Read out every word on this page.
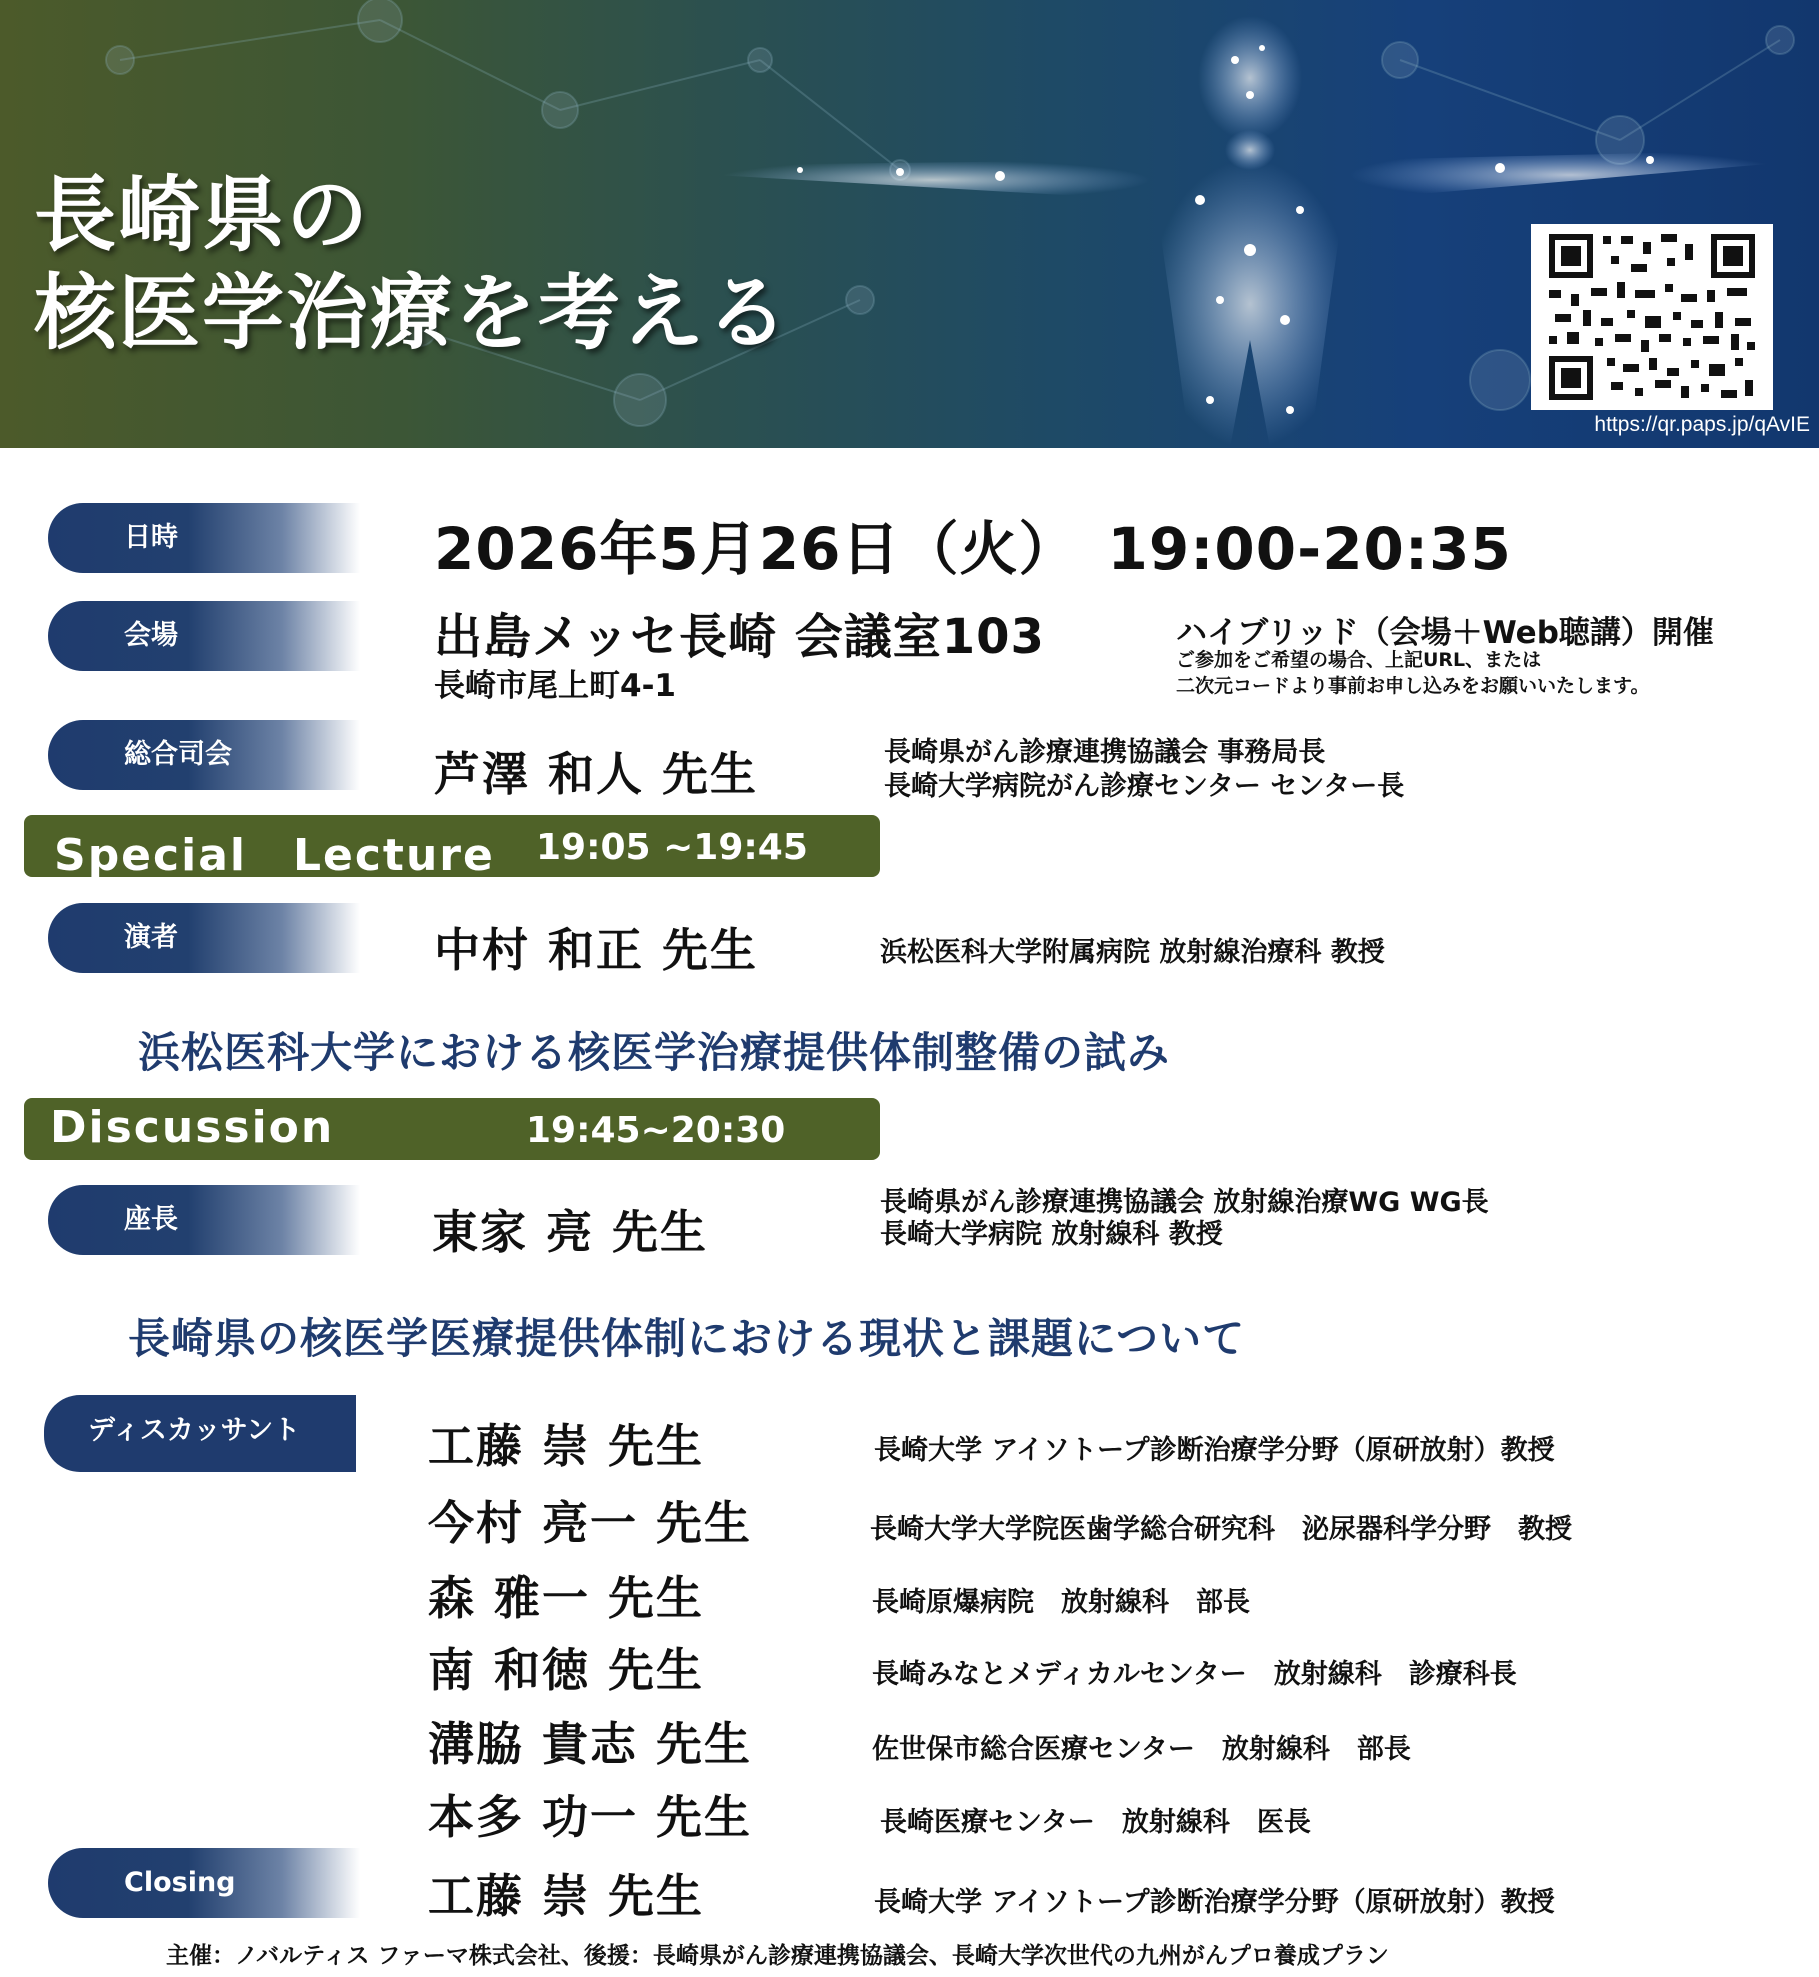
長崎県の
核医学治療を考える
https://qr.paps.jp/qAvIE
日時	2026年5月26日（火）　19:00-20:35
会場	出島メッセ長崎 会議室103
長崎市尾上町4-1
ハイブリッド（会場＋Web聴講）開催
ご参加をご希望の場合、上記URL、または
二次元コードより事前お申し込みをお願いいたします。
総合司会	芦澤 和人 先生	長崎県がん診療連携協議会 事務局長
長崎大学病院がん診療センター センター長
Special　Lecture 19:05 ~19:45
演者	中村 和正 先生	浜松医科大学附属病院 放射線治療科 教授
浜松医科大学における核医学治療提供体制整備の試み
Discussion	19:45~20:30
座長	東家 亮 先生
長崎県がん診療連携協議会 放射線治療WG WG長
長崎大学病院 放射線科 教授
長崎県の核医学医療提供体制における現状と課題について
ディスカッサント	工藤 崇 先生	長崎大学 アイソトープ診断治療学分野（原研放射）教授
今村 亮一 先生	長崎大学大学院医歯学総合研究科　泌尿器科学分野　教授
森 雅一 先生	長崎原爆病院　放射線科　部長
南 和徳 先生	長崎みなとメディカルセンター　放射線科　診療科長
溝脇 貴志 先生	佐世保市総合医療センター　放射線科　部長
本多 功一 先生	長崎医療センター　放射線科　医長
Closing	工藤 崇 先生	長崎大学 アイソトープ診断治療学分野（原研放射）教授
主催：ノバルティス ファーマ株式会社、後援：長崎県がん診療連携協議会、長崎大学次世代の九州がんプロ養成プラン
